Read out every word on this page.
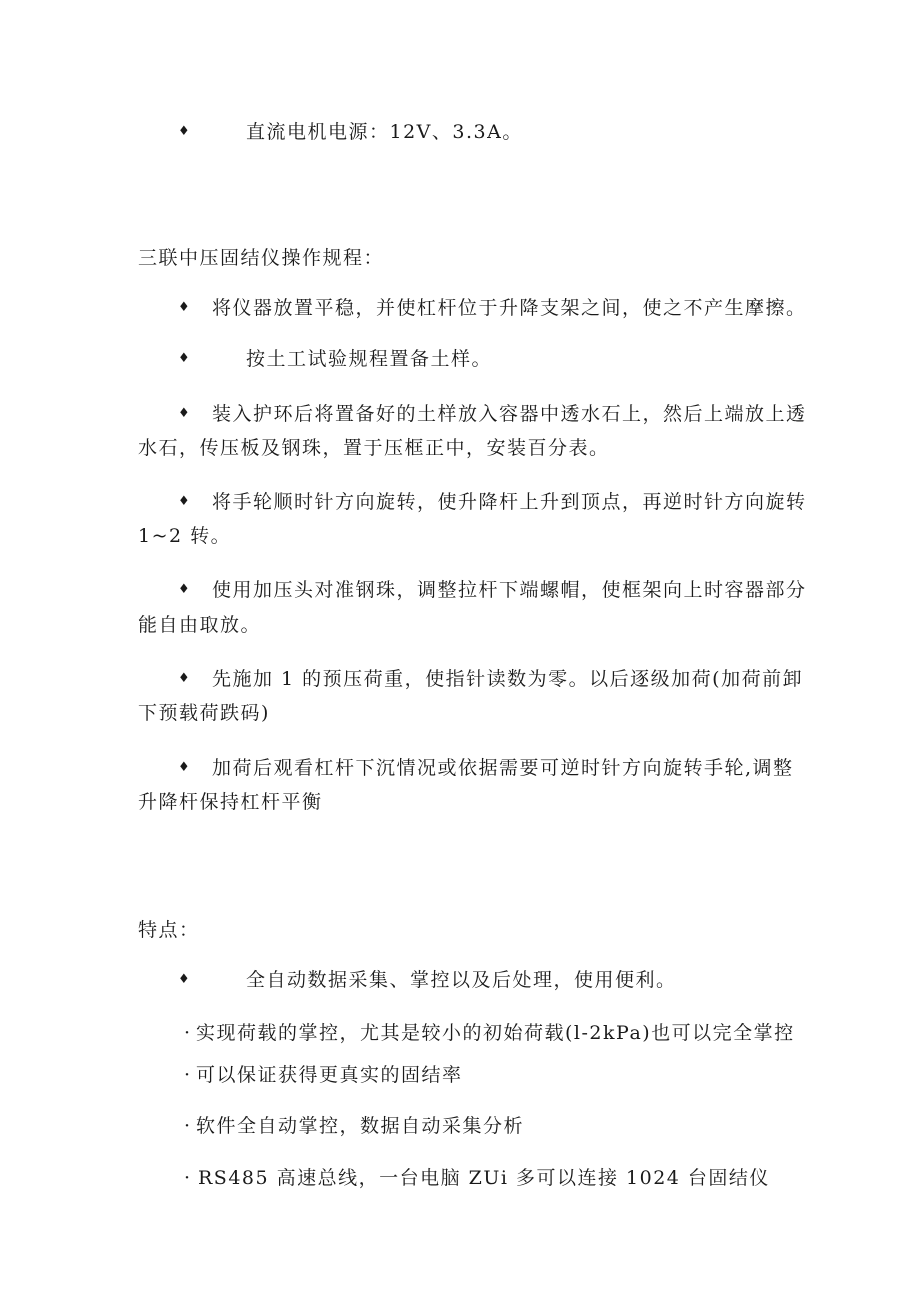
♦	直流电机电源：12V、3.3A。
三联中压固结仪操作规程：
♦ 将仪器放置平稳，并使杠杆位于升降支架之间，使之不产生摩擦。
♦	按土工试验规程置备土样。
♦ 装入护环后将置备好的土样放入容器中透水石上，然后上端放上透
水石，传压板及钢珠，置于压框正中，安装百分表。
♦ 将手轮顺时针方向旋转，使升降杆上升到顶点，再逆时针方向旋转
1~2 转。
♦ 使用加压头对准钢珠，调整拉杆下端螺帽，使框架向上时容器部分
能自由取放。
♦ 先施加 1 的预压荷重，使指针读数为零。以后逐级加荷(加荷前卸
下预载荷跌码)
♦ 加荷后观看杠杆下沉情况或依据需要可逆时针方向旋转手轮,调整
升降杆保持杠杆平衡
特点：
♦	全自动数据采集、掌控以及后处理，使用便利。
· 实现荷载的掌控，尤其是较小的初始荷载(l-2kPa)也可以完全掌控
· 可以保证获得更真实的固结率
· 软件全自动掌控，数据自动采集分析
· RS485 高速总线，一台电脑 ZUi 多可以连接 1024 台固结仪
